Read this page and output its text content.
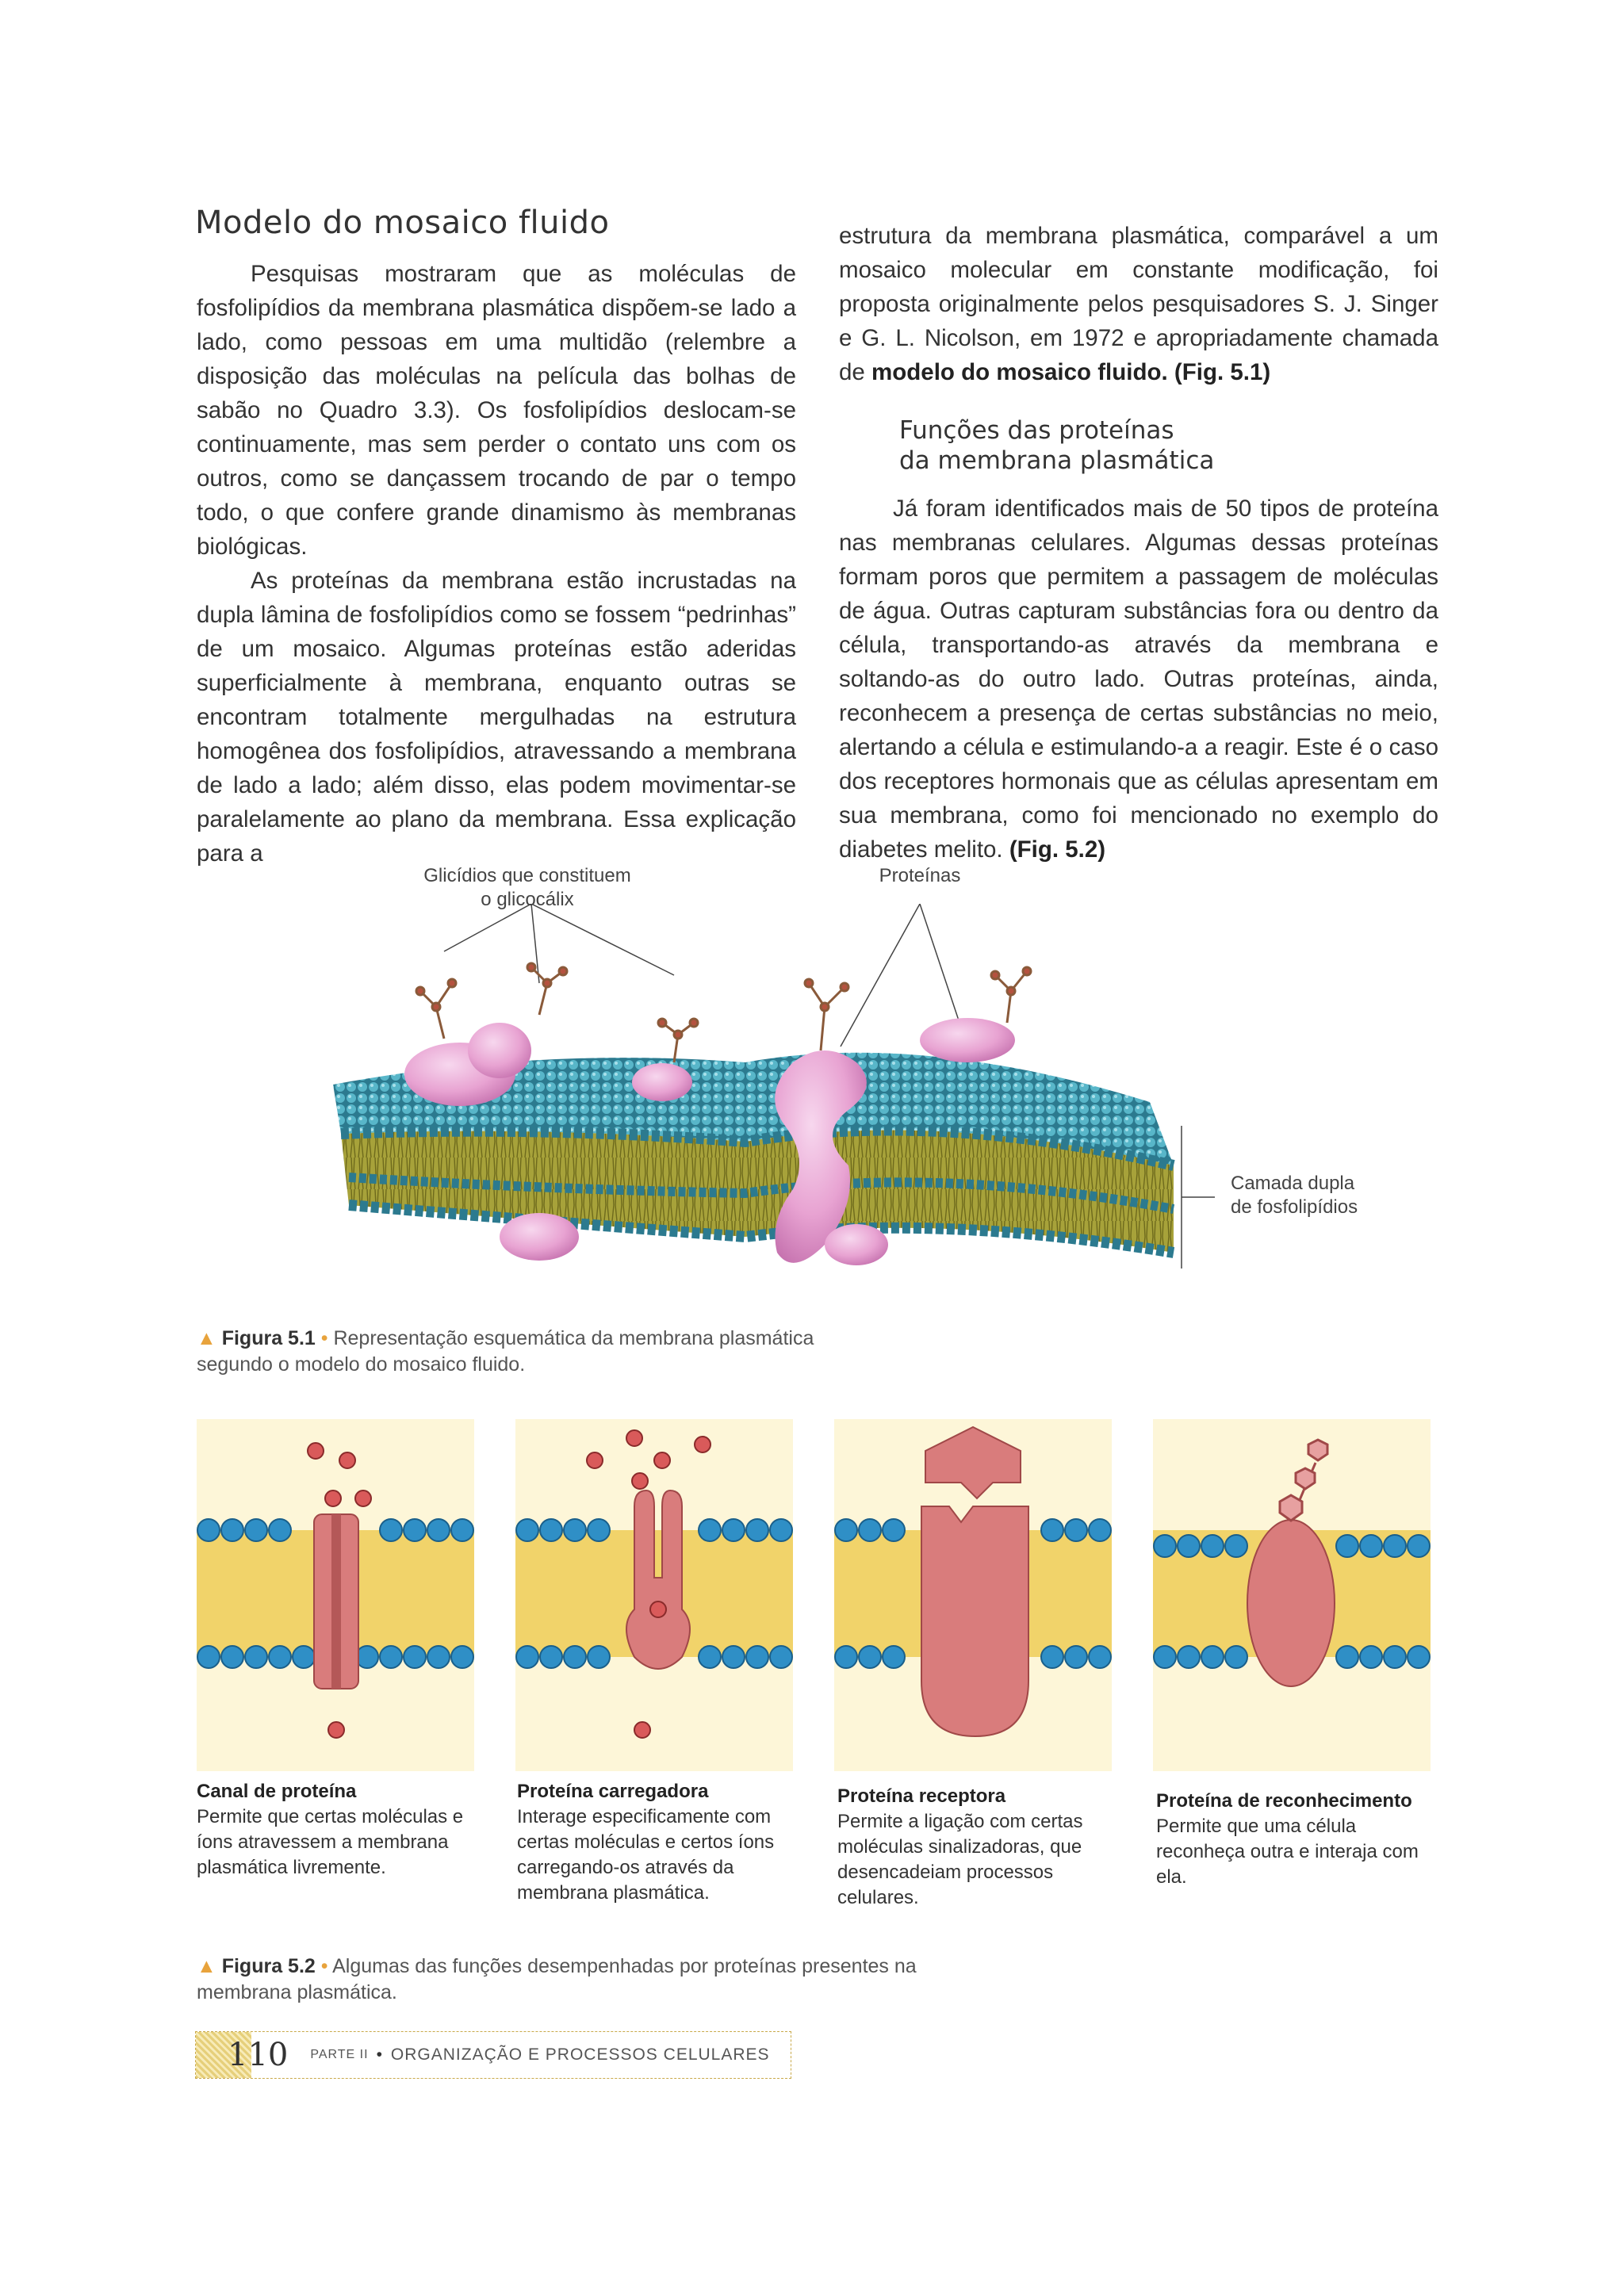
Modelo do mosaico fluido

Pesquisas mostraram que as moléculas de fosfolipídios da membrana plasmática dispõem-se lado a lado, como pessoas em uma multidão (relembre a disposição das moléculas na película das bolhas de sabão no Quadro 3.3). Os fosfolipídios deslocam-se continuamente, mas sem perder o contato uns com os outros, como se dançassem trocando de par o tempo todo, o que confere grande dinamismo às membranas biológicas.

As proteínas da membrana estão incrustadas na dupla lâmina de fosfolipídios como se fossem “pedrinhas” de um mosaico. Algumas proteínas estão aderidas superficialmente à membrana, enquanto outras se encontram totalmente mergulhadas na estrutura homogênea dos fosfolipídios, atravessando a membrana de lado a lado; além disso, elas podem movimentar-se paralelamente ao plano da membrana. Essa explicação para a

estrutura da membrana plasmática, comparável a um mosaico molecular em constante modificação, foi proposta originalmente pelos pesquisadores S. J. Singer e G. L. Nicolson, em 1972 e apropriadamente chamada de modelo do mosaico fluido. (Fig. 5.1)

Funções das proteínas
da membrana plasmática

Já foram identificados mais de 50 tipos de proteína nas membranas celulares. Algumas dessas proteínas formam poros que permitem a passagem de moléculas de água. Outras capturam substâncias fora ou dentro da célula, transportando-as através da membrana e soltando-as do outro lado. Outras proteínas, ainda, reconhecem a presença de certas substâncias no meio, alertando a célula e estimulando-a a reagir. Este é o caso dos receptores hormonais que as células apresentam em sua membrana, como foi mencionado no exemplo do diabetes melito. (Fig. 5.2)

Glicídios que constituem
o glicocálix
Proteínas
Camada dupla
de fosfolipídios
▲ Figura 5.1 • Representação esquemática da membrana plasmática segundo o modelo do mosaico fluido.
Canal de proteína
Permite que certas moléculas e íons atravessem a membrana plasmática livremente.
Proteína carregadora
Interage especificamente com certas moléculas e certos íons carregando-os através da membrana plasmática.
Proteína receptora
Permite a ligação com certas moléculas sinalizadoras, que desencadeiam processos celulares.
Proteína de reconhecimento
Permite que uma célula reconheça outra e interaja com ela.
▲ Figura 5.2 • Algumas das funções desempenhadas por proteínas presentes na membrana plasmática.
110 PARTE II • ORGANIZAÇÃO E PROCESSOS CELULARES
